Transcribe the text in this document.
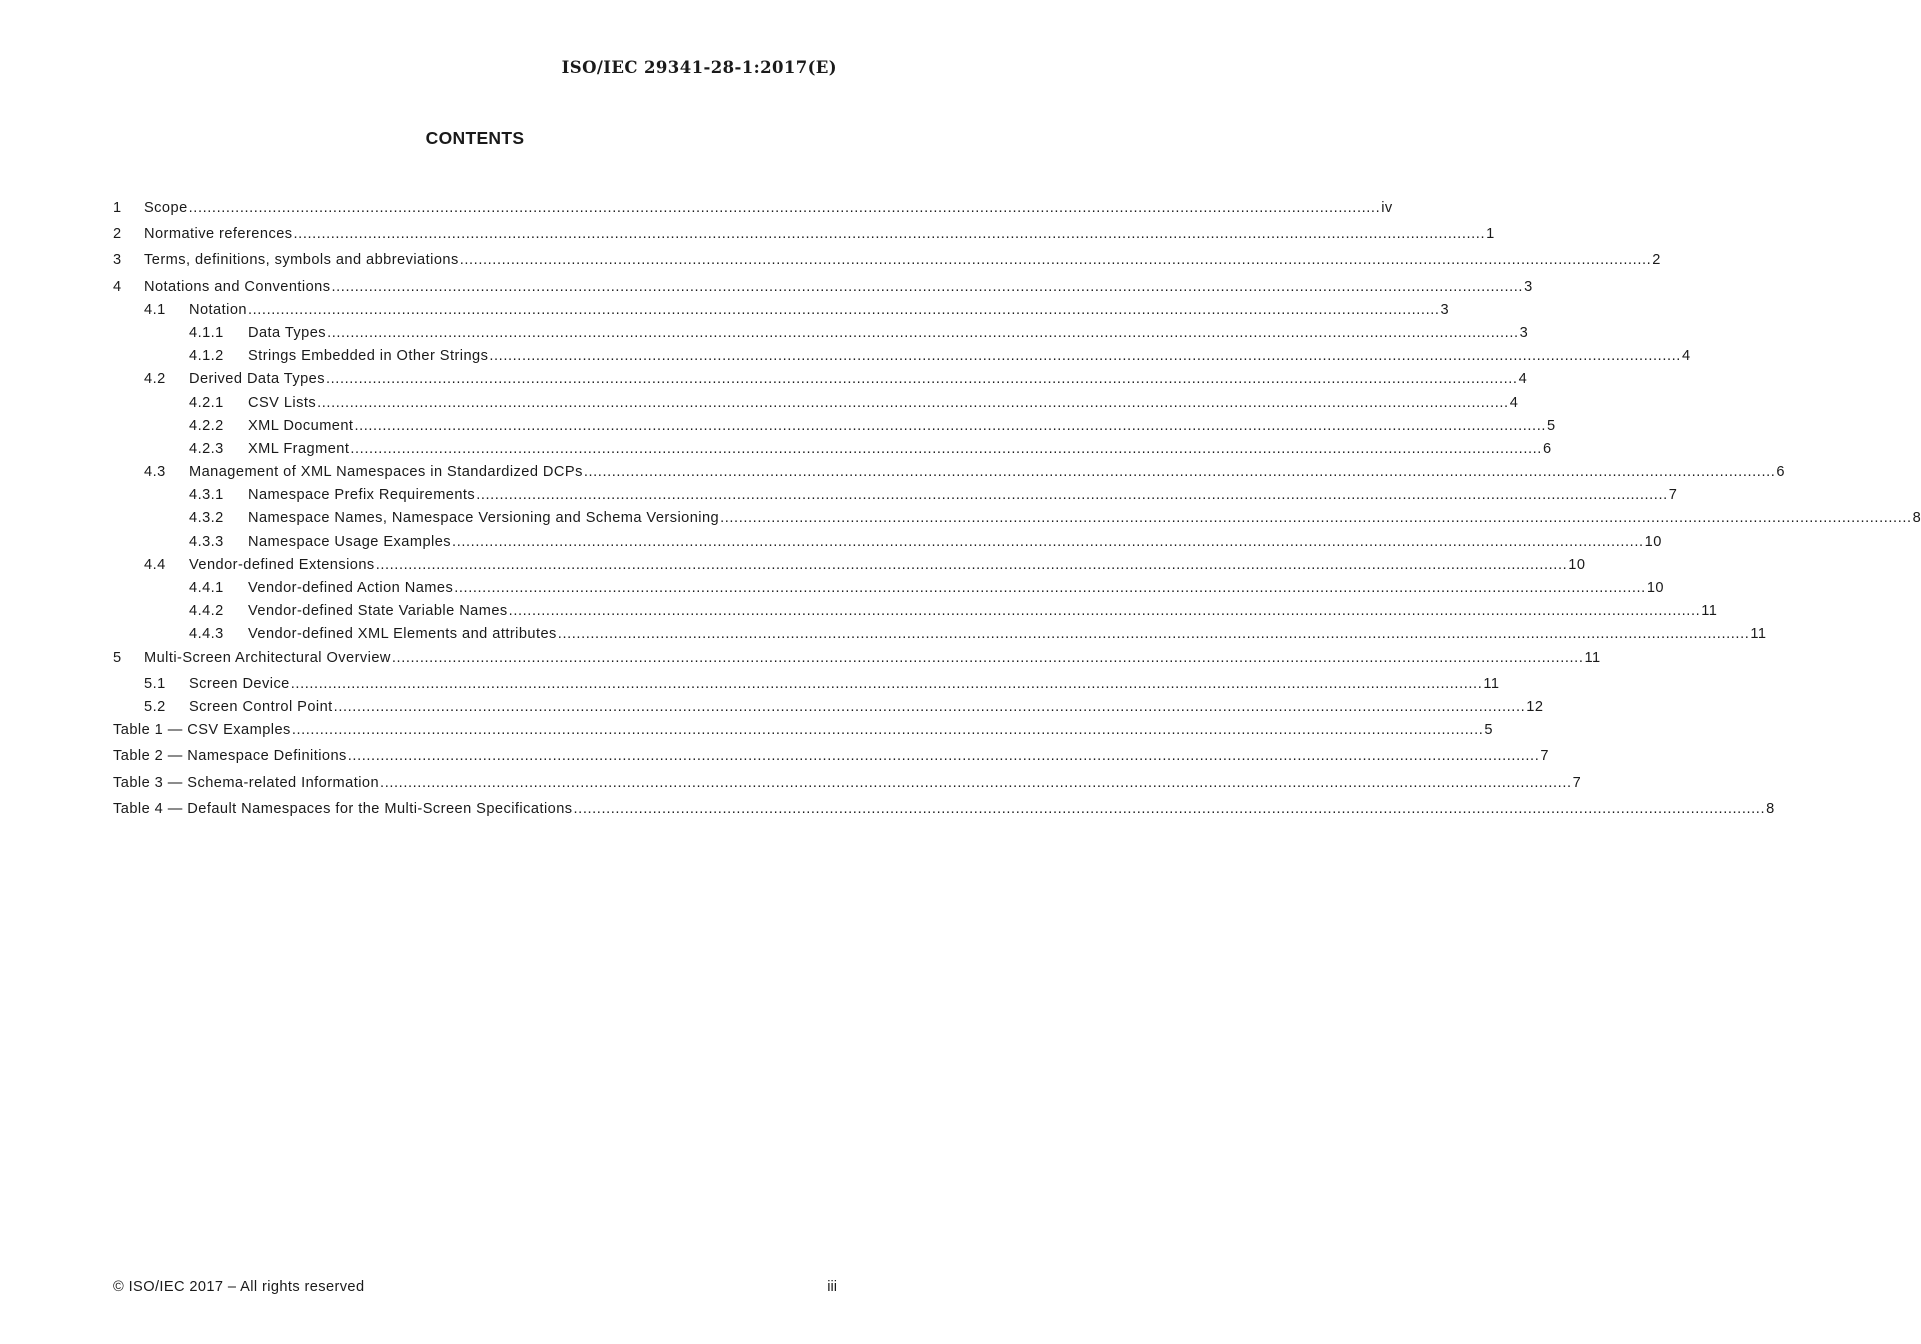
ISO/IEC 29341-28-1:2017(E)
CONTENTS
1 Scope .....	iv
2 Normative references .....	1
3 Terms, definitions, symbols and abbreviations .....	2
4 Notations and Conventions .....	3
4.1 Notation .....	3
4.1.1 Data Types .....	3
4.1.2 Strings Embedded in Other Strings .....	4
4.2 Derived Data Types .....	4
4.2.1 CSV Lists .....	4
4.2.2 XML Document .....	5
4.2.3 XML Fragment .....	6
4.3 Management of XML Namespaces in Standardized DCPs .....	6
4.3.1 Namespace Prefix Requirements .....	7
4.3.2 Namespace Names, Namespace Versioning and Schema Versioning .....	8
4.3.3 Namespace Usage Examples .....	10
4.4 Vendor-defined Extensions .....	10
4.4.1 Vendor-defined Action Names .....	10
4.4.2 Vendor-defined State Variable Names .....	11
4.4.3 Vendor-defined XML Elements and attributes .....	11
5 Multi-Screen Architectural Overview .....	11
5.1 Screen Device .....	11
5.2 Screen Control Point .....	12
Table 1 — CSV Examples .....	5
Table 2 — Namespace Definitions .....	7
Table 3 — Schema-related Information .....	7
Table 4 — Default Namespaces for the Multi-Screen Specifications .....	8
© ISO/IEC 2017 – All rights reserved	iii
